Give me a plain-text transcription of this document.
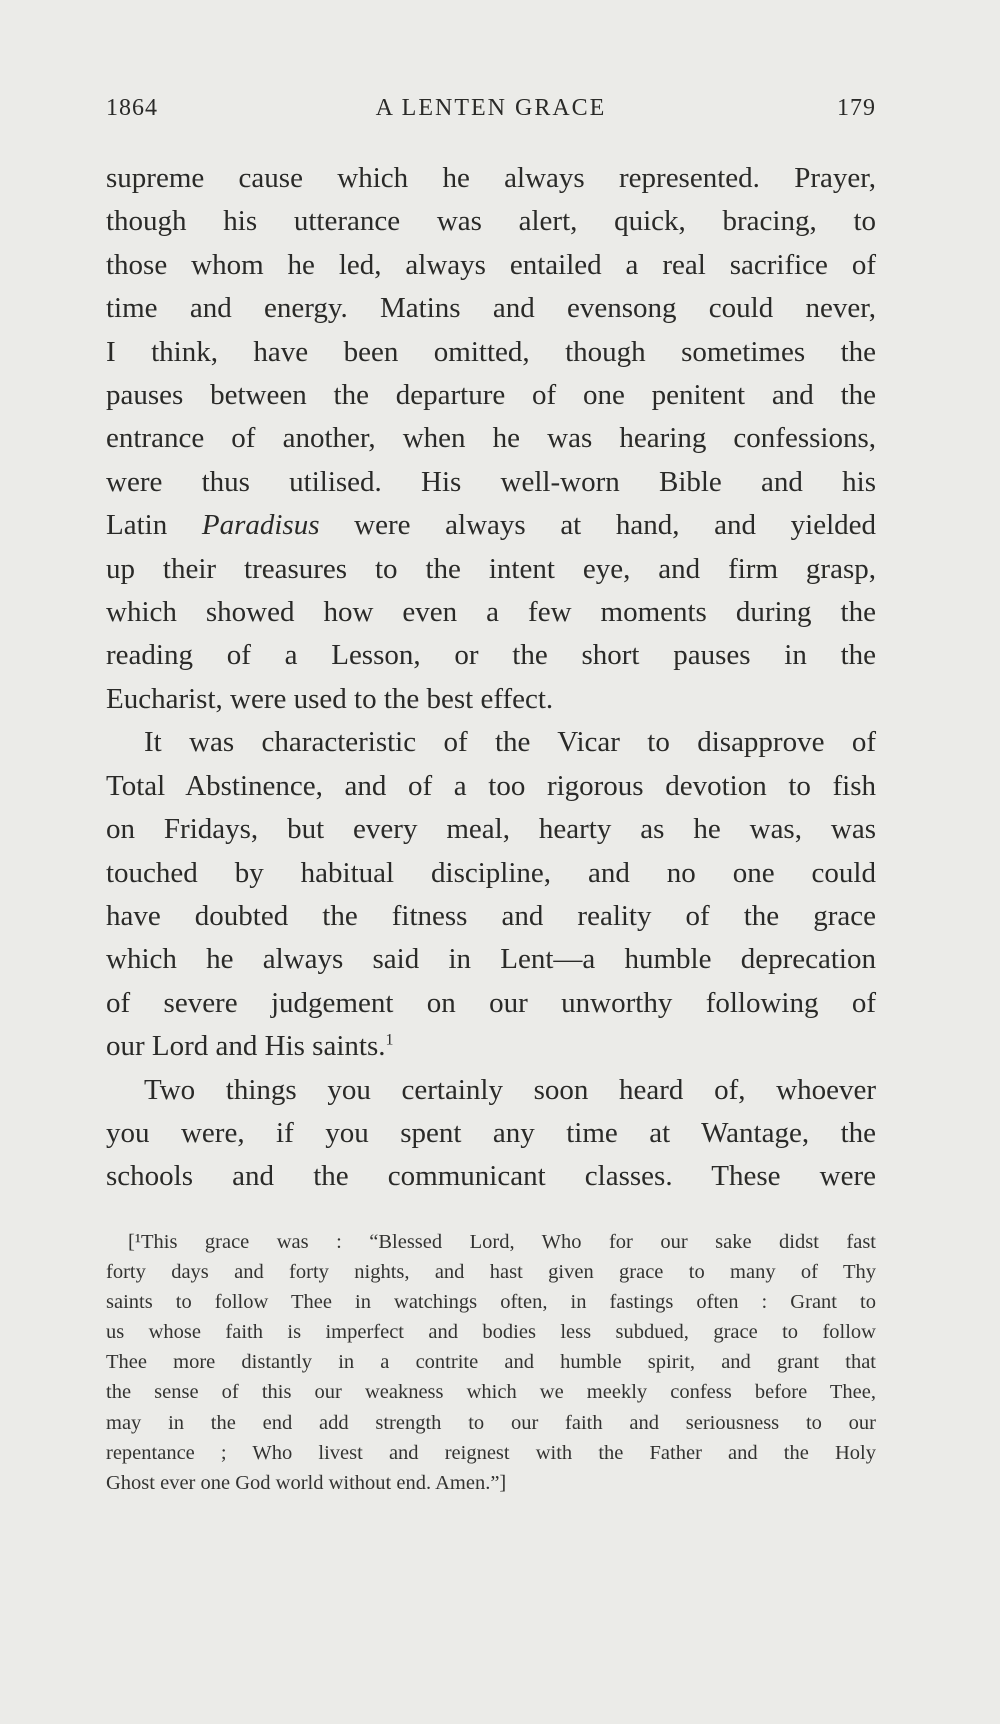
1864	A LENTEN GRACE	179
supreme cause which he always represented. Prayer,
though his utterance was alert, quick, bracing, to
those whom he led, always entailed a real sacrifice of
time and energy. Matins and evensong could never,
I think, have been omitted, though sometimes the
pauses between the departure of one penitent and the
entrance of another, when he was hearing confessions,
were thus utilised. His well-worn Bible and his
Latin Paradisus were always at hand, and yielded
up their treasures to the intent eye, and firm grasp,
which showed how even a few moments during the
reading of a Lesson, or the short pauses in the
Eucharist, were used to the best effect.
It was characteristic of the Vicar to disapprove of
Total Abstinence, and of a too rigorous devotion to fish
on Fridays, but every meal, hearty as he was, was
touched by habitual discipline, and no one could
have doubted the fitness and reality of the grace
which he always said in Lent—a humble deprecation
of severe judgement on our unworthy following of
our Lord and His saints.$^1$
Two things you certainly soon heard of, whoever
you were, if you spent any time at Wantage, the
schools and the communicant classes. These were
[¹This grace was : “Blessed Lord, Who for our sake didst fast
forty days and forty nights, and hast given grace to many of Thy
saints to follow Thee in watchings often, in fastings often : Grant to
us whose faith is imperfect and bodies less subdued, grace to follow
Thee more distantly in a contrite and humble spirit, and grant that
the sense of this our weakness which we meekly confess before Thee,
may in the end add strength to our faith and seriousness to our
repentance ; Who livest and reignest with the Father and the Holy
Ghost ever one God world without end. Amen.”]
